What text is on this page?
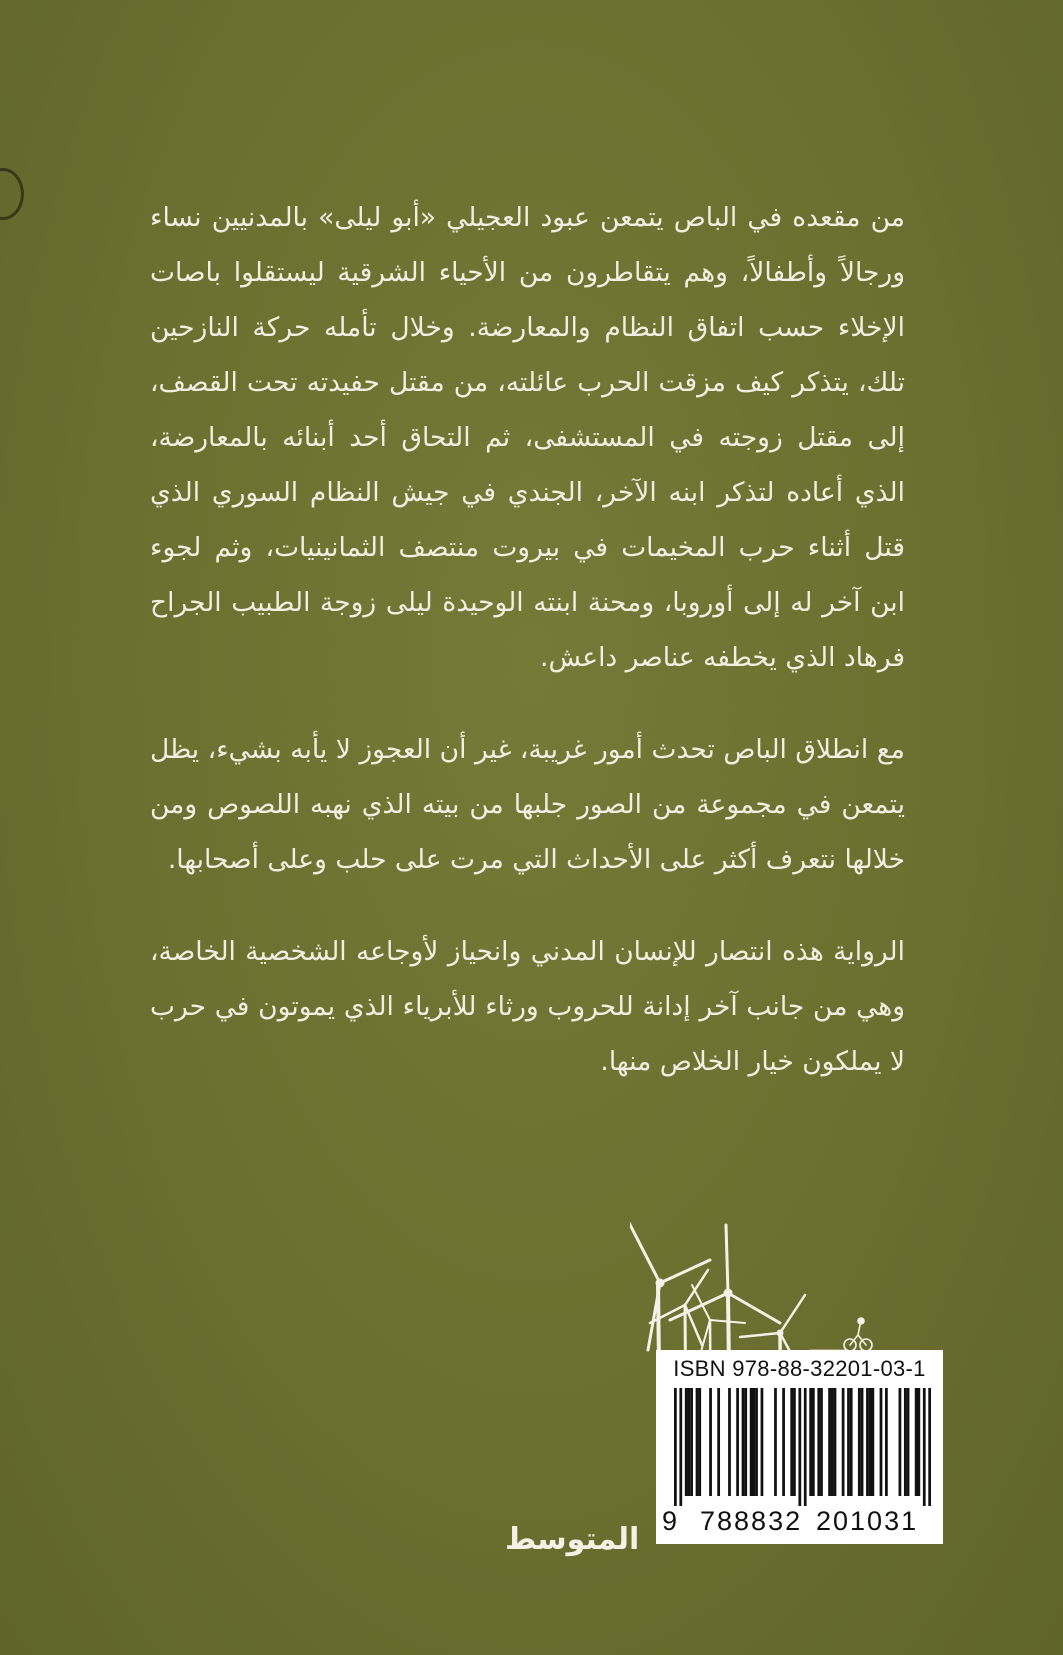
من مقعده في الباص يتمعن عبود العجيلي «أبو ليلى» بالمدنيين نساء ورجالاً وأطفالاً، وهم يتقاطرون من الأحياء الشرقية ليستقلوا باصات الإخلاء حسب اتفاق النظام والمعارضة. وخلال تأمله حركة النازحين تلك، يتذكر كيف مزقت الحرب عائلته، من مقتل حفيدته تحت القصف، إلى مقتل زوجته في المستشفى، ثم التحاق أحد أبنائه بالمعارضة، الذي أعاده لتذكر ابنه الآخر، الجندي في جيش النظام السوري الذي قتل أثناء حرب المخيمات في بيروت منتصف الثمانينيات، وثم لجوء ابن آخر له إلى أوروبا، ومحنة ابنته الوحيدة ليلى زوجة الطبيب الجراح فرهاد الذي يخطفه عناصر داعش.

مع انطلاق الباص تحدث أمور غريبة، غير أن العجوز لا يأبه بشيء، يظل يتمعن في مجموعة من الصور جلبها من بيته الذي نهبه اللصوص ومن خلالها نتعرف أكثر على الأحداث التي مرت على حلب وعلى أصحابها.

الرواية هذه انتصار للإنسان المدني وانحياز لأوجاعه الشخصية الخاصة، وهي من جانب آخر إدانة للحروب ورثاء للأبرياء الذي يموتون في حرب لا يملكون خيار الخلاص منها.

ISBN 978-88-32201-03-1
9 788832 201031
المتوسط
